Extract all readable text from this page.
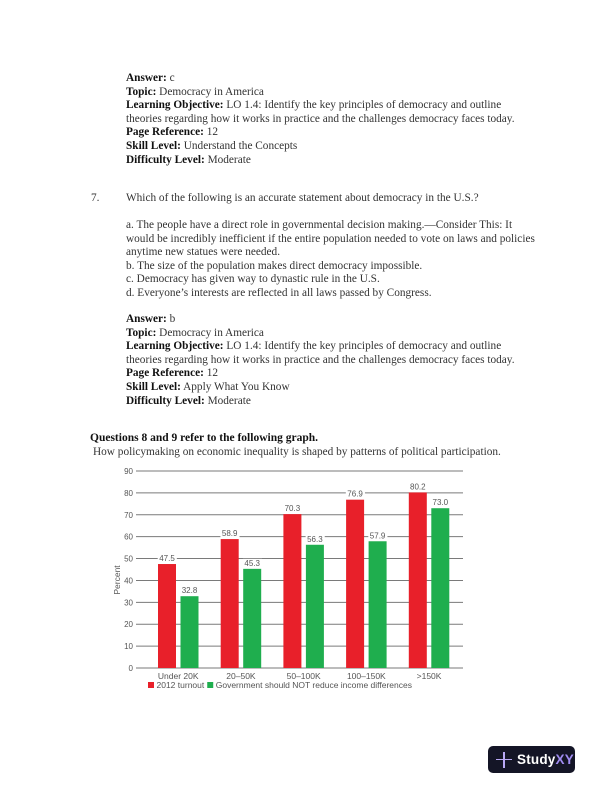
Answer: c

Topic: Democracy in America

Learning Objective: LO 1.4: Identify the key principles of democracy and outline theories regarding how it works in practice and the challenges democracy faces today.

Page Reference: 12

Skill Level: Understand the Concepts

Difficulty Level: Moderate

7. Which of the following is an accurate statement about democracy in the U.S.?

a. The people have a direct role in governmental decision making.—Consider This: It would be incredibly inefficient if the entire population needed to vote on laws and policies anytime new statues were needed.

b. The size of the population makes direct democracy impossible.

c. Democracy has given way to dynastic rule in the U.S.

d. Everyone’s interests are reflected in all laws passed by Congress.

Answer: b

Topic: Democracy in America

Learning Objective: LO 1.4: Identify the key principles of democracy and outline theories regarding how it works in practice and the challenges democracy faces today.

Page Reference: 12

Skill Level: Apply What You Know

Difficulty Level: Moderate

Questions 8 and 9 refer to the following graph.
How policymaking on economic inequality is shaped by patterns of political participation.
0
10
20
30
40
50
60
70
80
90
47.5
32.8
58.9
45.3
70.3
56.3
76.9
57.9
80.2
73.0
Under 20K	20–50K	50–100K	100–150K	>150K
Percent
2012 turnout Government should NOT reduce income differences
StudyXY
